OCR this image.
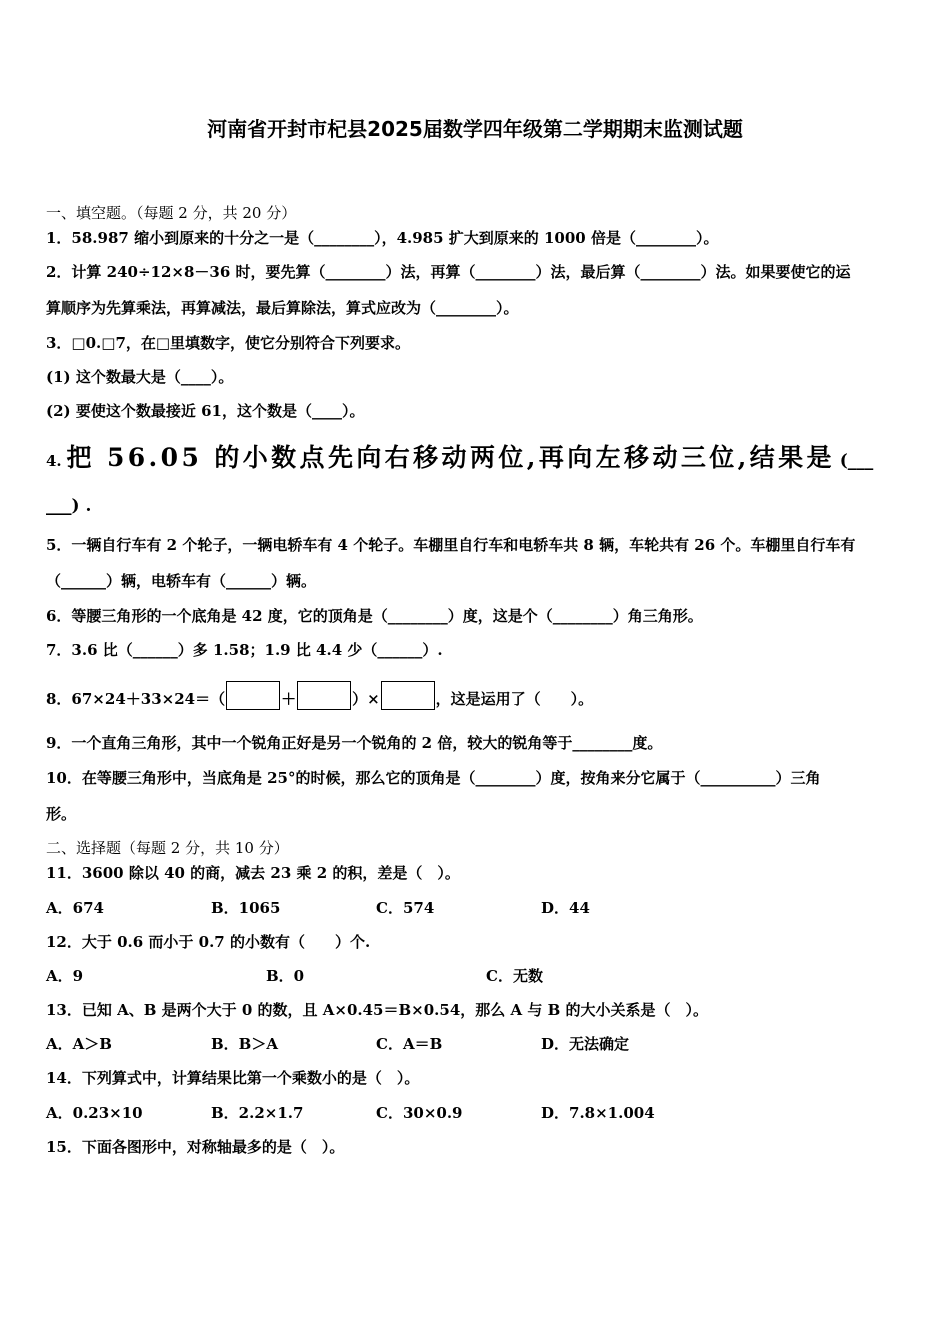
河南省开封市杞县2025届数学四年级第二学期期末监测试题
一、填空题。（每题 2 分，共 20 分）
1．58.987 缩小到原来的十分之一是（________），4.985 扩大到原来的 1000 倍是（________）。
2．计算 240÷12×8－36 时，要先算（________）法，再算（________）法，最后算（________）法。如果要使它的运
算顺序为先算乘法，再算减法，最后算除法，算式应改为（________）。
3．□0.□7，在□里填数字，使它分别符合下列要求。
(1) 这个数最大是（____）。
(2) 要使这个数最接近 61，这个数是（____）。
4. 把 56.05 的小数点先向右移动两位,再向左移动三位,结果是 (___
___) .
5．一辆自行车有 2 个轮子，一辆电轿车有 4 个轮子。车棚里自行车和电轿车共 8 辆，车轮共有 26 个。车棚里自行车有
（______）辆，电轿车有（______）辆。
6．等腰三角形的一个底角是 42 度，它的顶角是（________）度，这是个（________）角三角形。
7．3.6 比（______）多 1.58；1.9 比 4.4 少（______）.
8．67×24＋33×24＝（	＋	）×	，这是运用了（　　）。
9．一个直角三角形，其中一个锐角正好是另一个锐角的 2 倍，较大的锐角等于________度。
10．在等腰三角形中，当底角是 25°的时候，那么它的顶角是（________）度，按角来分它属于（__________）三角
形。
二、选择题（每题 2 分，共 10 分）
11．3600 除以 40 的商，减去 23 乘 2 的积，差是（　）。
A．674	B．1065	C．574	D．44
12．大于 0.6 而小于 0.7 的小数有（　　）个.
A．9	B．0	C．无数
13．已知 A、B 是两个大于 0 的数，且 A×0.45＝B×0.54，那么 A 与 B 的大小关系是（　）。
A．A＞B	B．B＞A	C．A＝B	D．无法确定
14．下列算式中，计算结果比第一个乘数小的是（　）。
A．0.23×10	B．2.2×1.7	C．30×0.9	D．7.8×1.004
15．下面各图形中，对称轴最多的是（　）。
